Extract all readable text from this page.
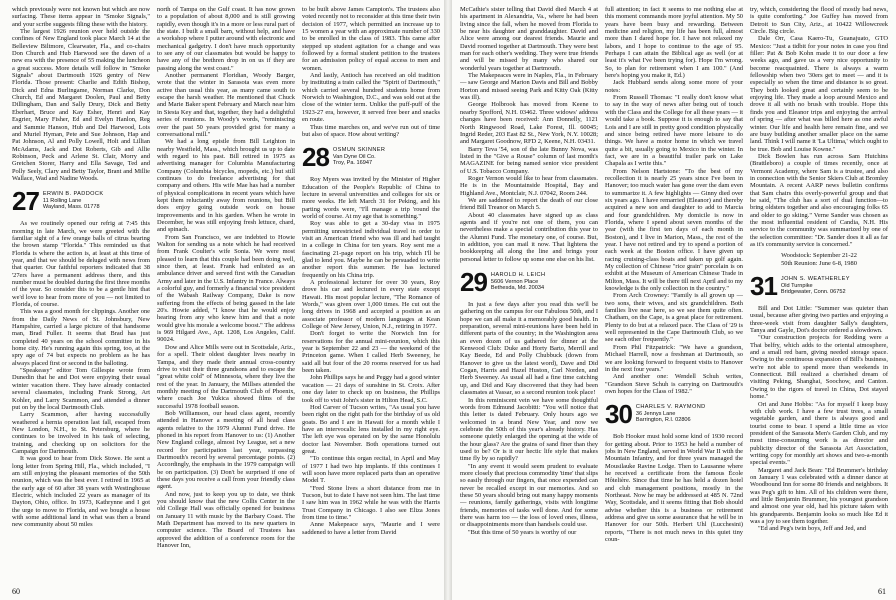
which previously were not known but which are now surfacing. These items appear in "Smoke Signals," and your scribe suggests filing these with the history.

The largest 1926 reunion ever held outside the confines of New England took place March 14 at the Belleview Biltmore, Clearwater, Fla., and co-chairs Don Church and Hub Harwood see the dawn of a new era with the presence of 55 making the luncheon a great success. More details will follow in "Smoke Signals" about Dartmouth 1926 gentry of New Florida. Those present: Charlie and Edith Bishop, Dick and Edna Burlingame, Norman Clarke, Don Church, Ed and Margaret Doolen, Paul and Betty Dillingham, Dan and Sally Drury, Dick and Betty Eberhart, Bruce and Kay Esher, Henri and Kay Esgrier, Mary Fisher, Ed and Evelyn Hanlon, Reg and Sammie Hanson, Hub and Del Harwood, Lois and Muriel Hyman, Pete and Sue Johnson, Hap and Pat Johnson, Al and Polly Lowell, Holt and Lillian McAdams, Jack and Dot Roberts, Gib and Allie Robinson, Peck and Arlene St. Clair, Morry and Gretchen Storer, Harry and Ella Savage, Ted and Polly Seely, Clary and Betty Taylor, Brant and Millie Wallace, Wad and Nadine Woods.

27 ERWIN B. PADDOCK
11 Rolling Lane
Wayland, Mass. 01778

As we routinely opened our refrig at 7:45 this morning in late March, we were greeted with the familiar sight of a few orange balls of citrus bearing the brown stamp "Florida." This reminded us that Florida is where the action is, at least at this time of year, and that we should be deluged with news from that quarter. Our faithful reporters indicated that 38 '27ers have a permanent address there, and this number must be doubled during the first three months of the year. So consider this to be a gentle hint that we'd love to hear from more of you — not limited to Florida, of course.

This was a good month for clippings. Another one from the Daily News of St. Johnsbury, New Hampshire, carried a large picture of that handsome man, Brad Fuller. It seems that Brad has just completed 40 years on the school committee in his home city. He's running again this spring, too, at the spry age of 74 but expects no problem as he has always placed first or second in the balloting.

"Speakeasy" editor Tom Gillespie wrote from Dunedin that he and Dot were enjoying their usual winter vacation there. They have already contacted several classmates, including Frank Strong, Art Kohler, and Larry Scammon, and attended a dinner put on by the local Dartmouth Club.

Larry Scammon, after having successfully weathered a hernia operation last fall, escaped from New London, N.H., to St. Petersburg, where he continues to be involved in his task of selecting, training, and checking up on solicitors for the Campaign for Dartmouth.

It was good to hear from Dick Stowe. He sent a long letter from Spring Hill, Fla., which included, "I am still enjoying the pleasant memories of the 50th reunion, which was the best ever. I retired in 1965 at the early age of 60 after 38 years with Westinghouse Electric, which included 22 years as manager of its Dayton, Ohio, office. In 1973, Kathrynne and I got the urge to move to Florida, and we bought a house with some additional land in what was then a brand new community about 50 miles

north of Tampa on the Gulf coast. It has now grown to a population of about 8,000 and is still growing rapidly, even though it's in a more or less rural part of the state. I built a small barn, without help, and have a workshop where I putter around with electronic and mechanical gadgetry. I don't have much opportunity to see any of our classmates but would be happy to have any of the brethren drop in on us if they are passing along the west coast."

Another permanent Floridian, Woody Barger, wrote that the winter in Sarasota was even more active than usual this year, as many came south to escape the harsh weather. He mentioned that Chuck and Marie Baker spent February and March near him in Siesta Key and that, together, they had a delightful series of reunions. In Woody's words, "reminiscing over the past 50 years provided grist for many a conversational mill."

We had a long epistle from Bill Leighton in nearby Westfield, Mass., which brought us up to date with regard to his past. Bill retired in 1975 as advertising manager for Columbia Manufacturing Company (Columbia bicycles, mopeds, etc.) but still continues to do freelance advertising for that company and others. His wife Mae has had a number of physical complications in recent years which have kept them reluctantly away from reunions, but Bill does enjoy going outside work on house improvements and in his garden. When he wrote in December, he was still enjoying fresh lettuce, chard, and spinach.

From San Francisco, we are indebted to Howie Walton for sending us a note which he had received from Frank Coulter's wife Sonia. We were most pleased to learn that this couple had been doing well, since then, at least. Frank had enlisted as an ambulance driver and served first with the Canadian Army and later in the U.S. Infantry in France. Always a colorful guy, and formerly a financial vice president of the Wabash Railway Company, Dake is now suffering from the effects of being gassed in the late 20's. Howie added, "I know that he would enjoy hearing from any who knew him and that a note would give his morale a welcome boost." The address is 969 Hilgard Ave., Apt. 1208, Los Angeles, Calif. 90024.

Dow and Alice Mills were out in Scottsdale, Ariz., for a spell. Their oldest daughter lives nearby in Tampa, and they made their annual cross-country drive to visit their three grandsons and to escape the "great white cold" of Minnesota, where they live the rest of the year. In January, the Millses attended the monthly meeting of the Dartmouth Club of Phoenix, where coach Joe Yukica showed films of the successful 1978 football season.

Bob Williamson, our head class agent, recently attended in Hanover a meeting of all head class agents relative to the 1979 Alumni Fund drive. He phoned in his report from Hanover to us: (1) Another New England college, almost Ivy League, set a new record for participation last year, surpassing Dartmouth's record by several percentage points. (2) Accordingly, the emphasis in the 1979 campaign will be on participation. (3) Don't be surprised if one of these days you receive a call from your friendly class agent.

And now, just to keep you up to date, we think you should know that the new Collis Center in the old College Hall was officially opened for business on January 11 with music by the Barbary Coast. The Math Department has moved to its new quarters in computer science. The Board of Trustees has approved the addition of a conference room for the Hanover Inn,

to be built above James Campion's. The trustees also voted recently not to reconsider at this time their twin decision of 1977, which permitted an increase up to 15 women a year with an approximate number of 330 to be enrolled in the class of 1983. This came after stepped up student agitation for a change and was followed by a formal student petition to the trustees for an admission policy of equal access to men and women.

And lastly, Antioch has received an old tradition by instituting a train called the "Spirit of Dartmouth," which carried several hundred students home from Norwich to Washington, D.C., and was sold out at the close of the winter term. Unlike the puff-puff of the 1923-27 era, however, it served free beer and snacks en route.

Thus time marches on, and we've run out of time but also of space. How about writing?

28 OSMUN SKINNER
Van Dyne Oil Co.
Troy, Pa. 16947

Roy Myers was invited by the Minister of Higher Education of the People's Republic of China to lecture in several universities and colleges for six or more weeks. He left March 31 for Peking, and his parting words were, "I'll manage a trip 'round the world of course. At my age that is something."

Roy was able to get a 30-day visa in 1975 permitting unrestricted individual travel in order to visit an American friend who was ill and had taught in a college in China for ten years. Roy sent me a fascinating 21-page report on his trip, which I'll be glad to lend you. Maybe he can be persuaded to write another report this summer. He has lectured frequently on his China trip.

A professional lecturer for over 30 years, Roy drove his car and lectured in every state except Hawaii. His most popular lecture, "The Romance of Words," was given over 1,000 times. He cut out the long drives in 1968 and accepted a position as an associate professor of modern languages at Kean College of New Jersey, Union, N.J., retiring in 1977.

Don't forget to write the Norwich Inn for reservations for the annual mini-reunion, which this year is September 22 and 23 — the weekend of the Princeton game. When I called Herb Sweeney, he said all but four of the 20 rooms reserved for us had been taken.

John Phillips says he and Peggy had a good winter vacation — 21 days of sunshine in St. Croix. After one day later to check up on business, the Phillips took off to visit John's sister in Hilton Head, S.C.

Hod Carver of Tucson writes, "As usual you have been right on the right path for the birthday of us old goats. Bo and I are in Hawaii for a month while I have an intervocalic lens installed in my right eye. The left eye was operated on by the same Honolulu doctor last November. Both operations turned out great.

"To continue this organ recital, in April and May of 1977 I had two hip implants. If this continues I will soon have more replaced parts than an operative Model T.

"Fred Stone lives a short distance from me in Tucson, but to date I have not seen him. The last time I saw him was in 1962 while he was with the Harris Trust Company in Chicago. I also see Eliza Jones from time to time."

Anne Makepeace says, "Maurie and I were saddened to have a letter from David

60

McCathie's sister telling that David died March 4 at his apartment in Alexandria, Va., where he had been living since the fall, when he moved from Florida to be near his daughter and granddaughter. David and Alice were among our dearest friends. Maurie and David roomed together at Dartmouth. They were best man for each other's wedding. They were true friends and will be missed by many who shared our wonderful years together at Dartmouth.

The Makepeaces were in Naples, Fla., in February — saw George and Marion Davis and Bill and Bobby Horton and missed seeing Park and Kitty Oak (Kitty was ill).

George Holbrook has moved from Keene to nearby Spofford, N.H. 03462. Three widows' address changes have been received: Ann Donnelly, 1121 North Ringwood Road, Lake Forest, Ill. 60045; Ingrid Reder, 203 East 82 St., New York, N.Y. 10028; and Margaret Goodnow, RFD 2, Keene, N.H. 03431.

Barry Teva '54, son of the late Bunny Nova, was listed in the "Give a Rouse" column of last month's MAGAZINE for being named senior vice president of U.S. Tobacco Company.

Roger Vernon would like to hear from classmates. He is in the Mountainside Hospital, Bay and Highland Ave., Montclair, N.J. 07042, Room 244.

We are saddened to report the death of our close friend Bill Treanor on March 5.

About 40 classmates have signed up as class agents and if you're not one of them, you can nevertheless make a special contribution this year to the Alumni Fund. The monetary one, of course. But, in addition, you can mail it now. That lightens the bookkeeping all along the line and brings your personal letter to follow up some one else on his list.

29 HAROLD H. LEICH
5606 Vernon Place
Bethesda, Md. 20034

In just a few days after you read this we'll be gathering on the campus for our Fabulous 50th, and I hope we can all make it a memorably good health. In preparation, several mini-reunions have been held in different parts of the country; in the Washington area an even dozen of us gathered for dinner at the Kenwood Club: Duke and Horty Barto, Merrill and Kay Beede, Ed and Polly Chubbuck (down from Hanover to give us the latest word), Dave and Did Cogan, Harris and Hazel Huston, Carl Norden, and Herb Sweeney. As usual all had a fine time catching up, and Did and Kay discovered that they had been classmates at Vassar, so a second reunion took place!

In this reminiscent vein we have some thoughtful words from Edmund Jacobitti: "You will notice that this letter is dated February. Only hours ago we welcomed in a brand New Year, and now we celebrate the 50th of this year's already history. Has someone quietly enlarged the opening at the wide of the hour glass? Are the grains of sand finer than they used to be? Or is it our hectic life style that makes time fly by so rapidly?

"In any event it would seem prudent to evaluate more closely that precious commodity 'time' that slips so easily through our fingers, that once expended can never be recalled except in our memories. And so these 50 years should bring out many happy moments — reunions, family gatherings, visits with longtime friends, memories of tasks well done. And for some there was harm too — the loss of loved ones, illness, or disappointments more than handsels could use.

"But this time of 50 years is worthy of our

full attention; in fact it seems to me nothing else at this moment commands more joyful attention. My 50 years have been busy and rewarding. Between medicine and religion, my life has been full, almost more than I dared hope for. I have not relaxed my labors, and I hope to continue to the age of 95. Perhaps I can attain the Biblical age as well (or at least it's what I've been trying for). Hope I'm wrong. So, to plan for retirement when I am 100." (And here's hoping you make it, Ed.)

Jack Hubbard sends along some more of your notes:

From Russell Thomas: "I really don't know what to say in the way of news after being out of touch with the Class and the College for all these years — it would take a book. Suppose it is enough to say that Lois and I are still in pretty good condition physically and since being retired have more leisure to do things. We have a motor home in which we travel quite a bit, usually going to Mexico in the winter. In fact, we are in a beautiful trailer park on Lake Chapala as I write this."

From Nelson Hartstone: "To the best of my recollection it is nearly 25 years since I've been in Hanover; too much water has gone over the dam even to summarize it. A few highlights — Ginny died over six years ago. I have remarried (Eleanor) and thereby acquired a new son and daughter to add to Marcia and four grandchildren. My domicile is now in Florida, where I spend about seven months of the year (with the first ten days of each month in Boston), and I live in Marion, Mass., the rest of the year. I have not retired and try to spend a portion of each week at the Boston office. I have given up racing cruising-class boats and taken up golf again. My collection of Chinese "rice grain" porcelain is on exhibit at the Museum of American Chinese Trade in Milton, Mass. It will be there till next April and to my knowledge is the only collection in the country."

From Arch Crowney: "Family is all grown up — two sons, their wives, and six grandchildren. Both families live near here, so we see them quite often. Chatham, on the Cape, is a great place for retirement. Plenty to do but at a relaxed pace. The Class of '29 is well represented in the Cape Dartmouth Club, so we see each other frequently."

From Phil Fitzpatrick: "We have a grandson, Michael Harrell, now a freshman at Dartmouth, so we are looking forward to frequent visits to Hanover in the next four years."

And another one: Wendell Schuh writes, "Grandson Steve Schuh is carrying on Dartmouth's own hopes for the Class of 1982."

30 CHARLES V. RAYMOND
36 Jennys Lane
Barrington, R.I. 02806

Bob Hooker must hold some kind of 1930 record for getting about. Prior to 1953 he held a number of jobs in New England, served in World War II with the Mountain Infantry, and for three years managed the Mousilauke Ravine Lodge. Then to Lausanne where he received a certificate from the famous École Hôtelière. Since that time he has held a dozen hotel and club management positions, mostly in the Northeast. Now he may be addressed at 485 N. 72nd Way, Scottsdale, and it seems fitting that Bob should advise whether this is a business or retirement address and give us some assurance that he will be in Hanover for our 50th. Herbert Uhl (Lucchesini) reports, "There is not much news in this quiet tiny coun-

try, which, considering the flood of mostly bad news, is quite comforting." Joe Guffey has moved from Detroit to Sun City, Ariz., at 10422 Willowcreek Circle. Big circle.

Dale Orr, Casa Kaero-Tu, Guanajuato, GTO Mexico: "Just a tidbit for your notes in case you find filler: Pat & Bob Kohn made it to our door a few weeks ago, and gave us a very nice opportunity to become reacquainted. There is always a warm fellowship when two '30ers get to meet — and it is especially so when the time and distance is so great. They both looked great and certainly seem to be enjoying life. They made a loop around Mexico and drove it all with no brush with trouble. Hope this finds you and Eleanor trips and enjoying the arrival of spring — after what was billed here as one awful winter. Our life and health here remain fine, and we are busy building another smaller place on the same land. Think I will name it 'La Ultima,' which ought to be true. Bob and Louise Kowne."

Dick Bowlen has run across Sam Hutchins (Brattleboro) a couple of times recently, once at Vermont Academy, where Sam is a trustee, and also in connection with the Senior Skiers Club at Bromley Mountain. A recent AARP news bulletin confirms that Sam chairs this overly-powerful group and that he said, "The club has a sort of dual function—to bring oldsters together and also encouraging folks 65 and older to go skiing." Verne Sander was chosen as the most influential resident of Candia, N.H. His service to the community was summarized by one of the selection committee: "Dr. Sander does it all as far as it's community service is concerned."

Woodstock: September 21-22

50th Reunion: June 6-8, 1980

31 JOHN S. WEATHERLEY
Old Turnpike
Bridgewater, Conn. 06752

Bill and Dot Little: "Summer was quieter than usual, because after giving two parties and enjoying a three-week visit from daughter Sally's daughters, Tanya and Gayle, Dot's doctor ordered a slowdown.

"Our construction projects for Redding were a Thai belfry, which adds to the oriental atmosphere, and a small red barn, giving needed storage space. Owing to the continuous expansion of Bill's business, we're not able to spend more than weekends in Connecticut. Bill realized a cherished dream of visiting Peking, Shanghai, Soochow, and Canton. Owing to the rigors of travel in China, Dot stayed home."

Ori and June Hobbs: "As for myself I keep busy with club work. I have a few trust trees, a small vegetable garden, and there is always good and tourist come to bear. I spend a little time as vice president of the Sarasota Men's Garden Club, and my most time-consuming work is as director and publicity director of the Sarasota Art Association, writing copy for monthly art shows and two-a-month special events."

Margaret and Jack Bean: "Ed Brummer's birthday on January 1 was celebrated with a dinner dance at Woodbound Inn for some 80 friends and neighbors. It was Peg's gift to him. All of his children were there, and little Benjamin Brummer, his youngest grandson and almost one year old, had his picture taken with his grandparents. Benjamin looks so much like Ed it was a joy to see them together.

"Ed and Peg's twin boys, Jeff and Jed, and

61
